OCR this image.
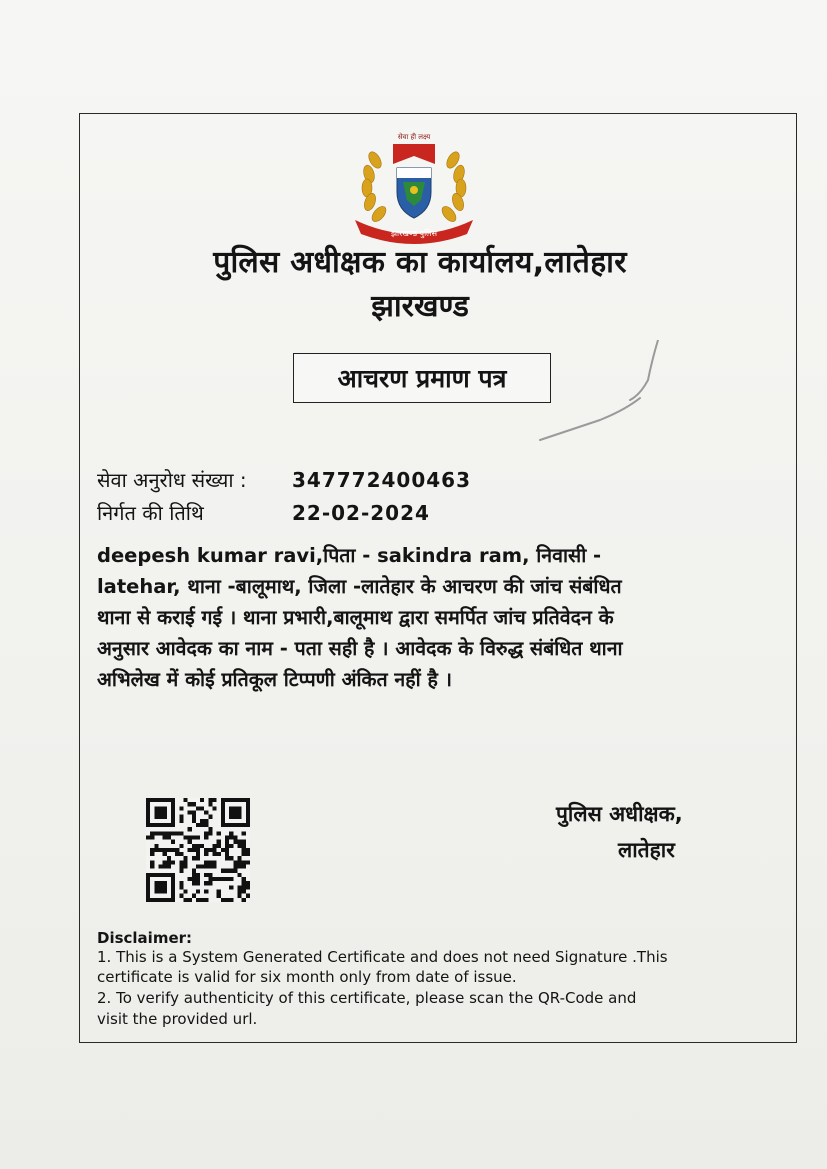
सेवा ही लक्ष्य
झारखण्ड पुलिस
पुलिस अधीक्षक का कार्यालय,लातेहार
झारखण्ड
आचरण प्रमाण पत्र
सेवा अनुरोध संख्या : 347772400463
निर्गत की तिथि	22-02-2024
deepesh kumar ravi,पिता - sakindra ram, निवासी -
latehar, थाना -बालूमाथ, जिला -लातेहार के आचरण की जांच संबंधित
थाना से कराई गई । थाना प्रभारी,बालूमाथ द्वारा समर्पित जांच प्रतिवेदन के
अनुसार आवेदक का नाम - पता सही है । आवेदक के विरुद्ध संबंधित थाना
अभिलेख में कोई प्रतिकूल टिप्पणी अंकित नहीं है ।
पुलिस अधीक्षक,
लातेहार
Disclaimer:
1. This is a System Generated Certificate and does not need Signature .This
certificate is valid for six month only from date of issue.
2. To verify authenticity of this certificate, please scan the QR-Code and
visit the provided url.
